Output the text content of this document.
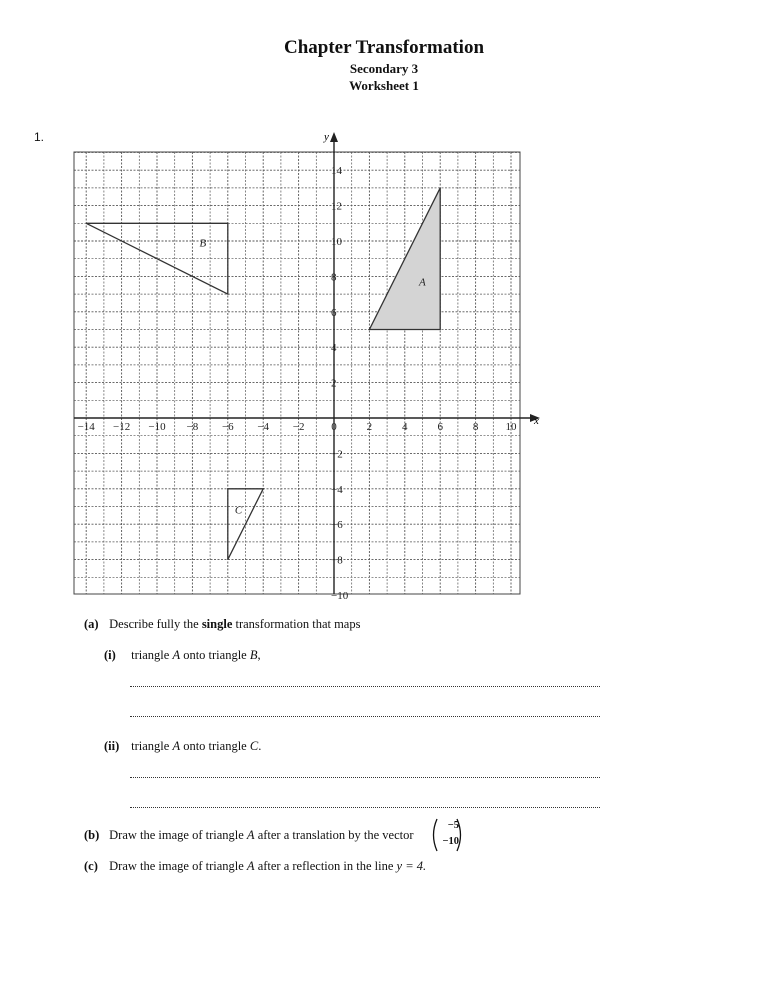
Chapter Transformation
Secondary 3
Worksheet 1
1.
x
y
−14 −12 −10 −8 −6 −4 −2 0	2	4	6	8 10
14
12
10
8
6
4
2
−2
−4
−6
−8
−10
A
B
C
(a) Describe fully the single transformation that maps
(i) triangle A onto triangle B,
(ii) triangle A onto triangle C.
(b) Draw the image of triangle A after a translation by the vector
−5
−10
(c) Draw the image of triangle A after a reflection in the line y = 4.
